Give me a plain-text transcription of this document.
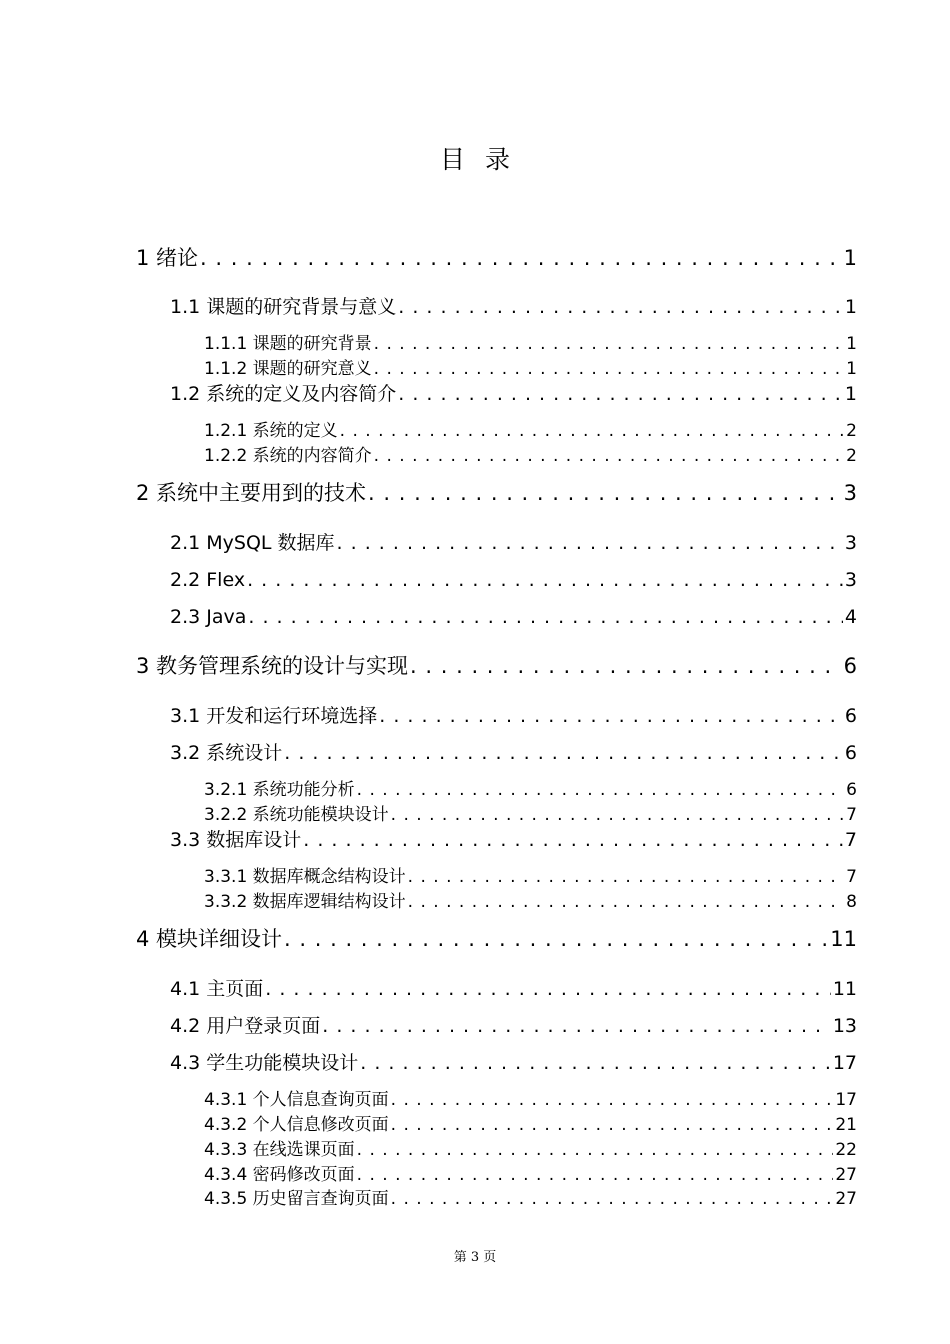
目 录
1 绪论 . . .	1
1.1 课题的研究背景与意义 . . .	1
1.1.1 课题的研究背景 . . .	1
1.1.2 课题的研究意义 . . .	1
1.2 系统的定义及内容简介 . . .	1
1.2.1 系统的定义 . . .	2
1.2.2 系统的内容简介 . . .	2
2 系统中主要用到的技术 . . .	3
2.1 MySQL 数据库 . . .	3
2.2 Flex . . .	3
2.3 Java . . .	4
3 教务管理系统的设计与实现 . . .	6
3.1 开发和运行环境选择 . . .	6
3.2 系统设计 . . .	6
3.2.1 系统功能分析 . . .	6
3.2.2 系统功能模块设计 . . .	7
3.3 数据库设计 . . .	7
3.3.1 数据库概念结构设计 . . .	7
3.3.2 数据库逻辑结构设计 . . .	8
4 模块详细设计 . . .	11
4.1 主页面 . . .	11
4.2 用户登录页面 . . .	13
4.3 学生功能模块设计 . . .	17
4.3.1 个人信息查询页面 . . .	17
4.3.2 个人信息修改页面 . . .	21
4.3.3 在线选课页面 . . .	22
4.3.4 密码修改页面 . . .	27
4.3.5 历史留言查询页面 . . .	27
第 3 页
